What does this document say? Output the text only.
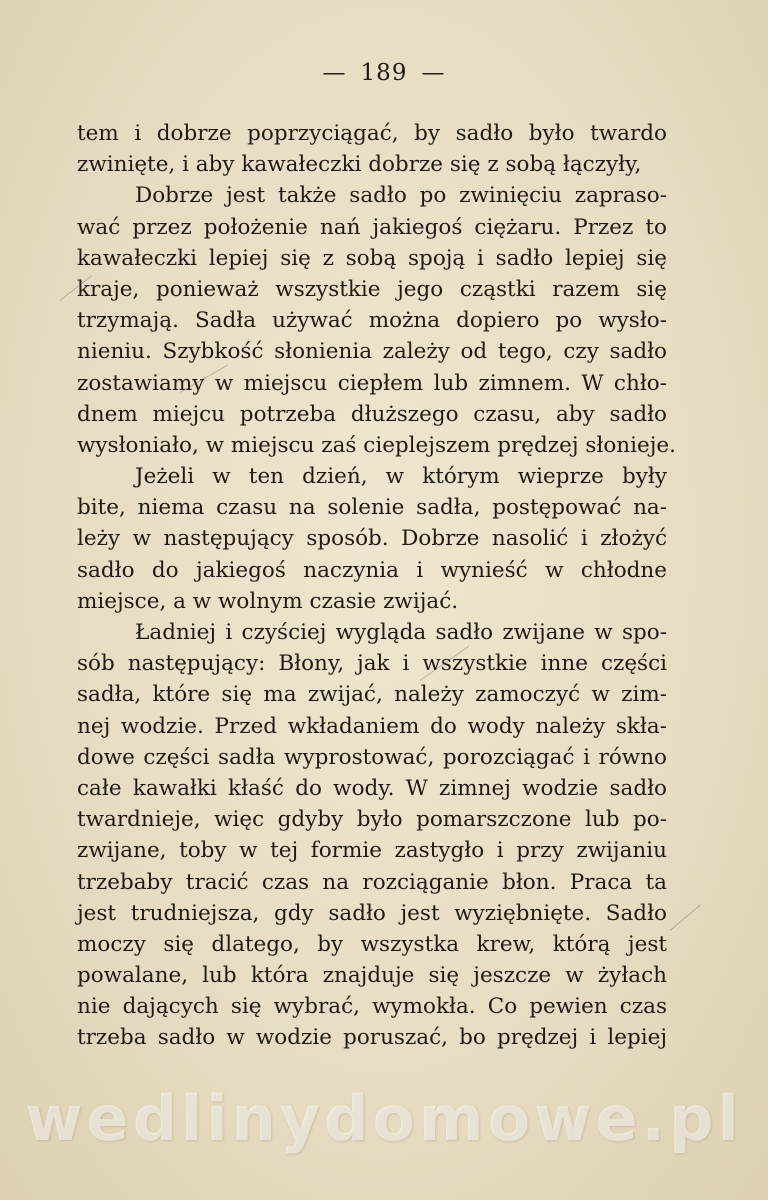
— 189 —
tem i dobrze poprzyciągać, by sadło było twardo
zwinięte, i aby kawałeczki dobrze się z sobą łączyły,
Dobrze jest także sadło po zwinięciu zapraso-
wać przez położenie nań jakiegoś ciężaru. Przez to
kawałeczki lepiej się z sobą spoją i sadło lepiej się
kraje, ponieważ wszystkie jego cząstki razem się
trzymają. Sadła używać można dopiero po wysło-
nieniu. Szybkość słonienia zależy od tego, czy sadło
zostawiamy w miejscu ciepłem lub zimnem. W chło-
dnem miejcu potrzeba dłuższego czasu, aby sadło
wysłoniało, w miejscu zaś cieplejszem prędzej słonieje.
Jeżeli w ten dzień, w którym wieprze były
bite, niema czasu na solenie sadła, postępować na-
leży w następujący sposób. Dobrze nasolić i złożyć
sadło do jakiegoś naczynia i wynieść w chłodne
miejsce, a w wolnym czasie zwijać.
Ładniej i czyściej wygląda sadło zwijane w spo-
sób następujący: Błony, jak i wszystkie inne części
sadła, które się ma zwijać, należy zamoczyć w zim-
nej wodzie. Przed wkładaniem do wody należy skła-
dowe części sadła wyprostować, porozciągać i równo
całe kawałki kłaść do wody. W zimnej wodzie sadło
twardnieje, więc gdyby było pomarszczone lub po-
zwijane, toby w tej formie zastygło i przy zwijaniu
trzebaby tracić czas na rozciąganie błon. Praca ta
jest trudniejsza, gdy sadło jest wyziębnięte. Sadło
moczy się dlatego, by wszystka krew, którą jest
powalane, lub która znajduje się jeszcze w żyłach
nie dających się wybrać, wymokła. Co pewien czas
trzeba sadło w wodzie poruszać, bo prędzej i lepiej
wedlinydomowe.pl
